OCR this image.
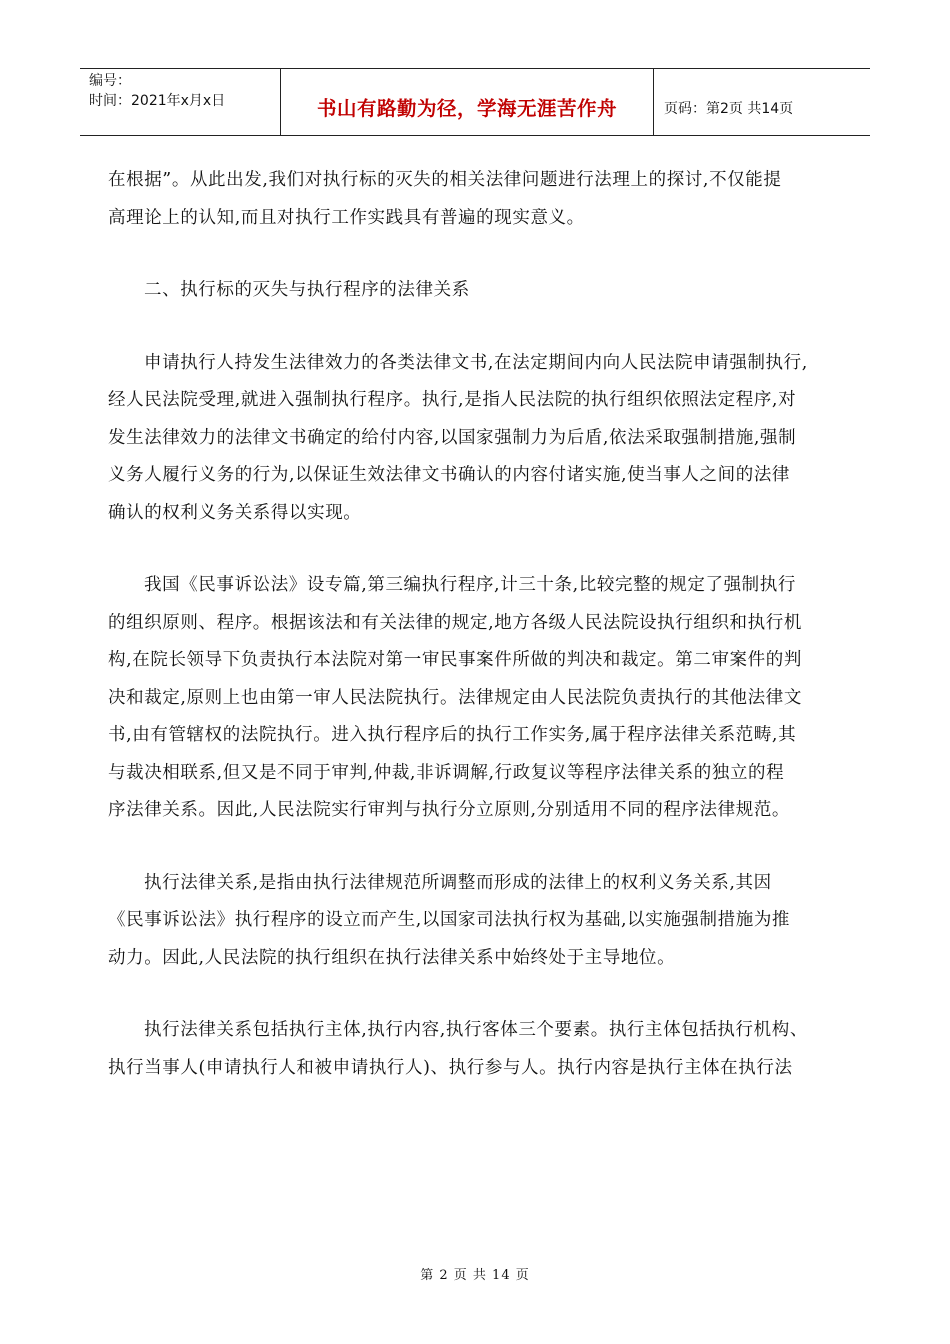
编号：
时间：2021年x月x日	书山有路勤为径，学海无涯苦作舟	页码：第2页 共14页

在根据”。从此出发,我们对执行标的灭失的相关法律问题进行法理上的探讨,不仅能提

高理论上的认知,而且对执行工作实践具有普遍的现实意义。

二、执行标的灭失与执行程序的法律关系

申请执行人持发生法律效力的各类法律文书,在法定期间内向人民法院申请强制执行,

经人民法院受理,就进入强制执行程序。执行,是指人民法院的执行组织依照法定程序,对

发生法律效力的法律文书确定的给付内容,以国家强制力为后盾,依法采取强制措施,强制

义务人履行义务的行为,以保证生效法律文书确认的内容付诸实施,使当事人之间的法律

确认的权利义务关系得以实现。

我国《民事诉讼法》设专篇,第三编执行程序,计三十条,比较完整的规定了强制执行

的组织原则、程序。根据该法和有关法律的规定,地方各级人民法院设执行组织和执行机

构,在院长领导下负责执行本法院对第一审民事案件所做的判决和裁定。第二审案件的判

决和裁定,原则上也由第一审人民法院执行。法律规定由人民法院负责执行的其他法律文

书,由有管辖权的法院执行。进入执行程序后的执行工作实务,属于程序法律关系范畴,其

与裁决相联系,但又是不同于审判,仲裁,非诉调解,行政复议等程序法律关系的独立的程

序法律关系。因此,人民法院实行审判与执行分立原则,分别适用不同的程序法律规范。

执行法律关系,是指由执行法律规范所调整而形成的法律上的权利义务关系,其因

《民事诉讼法》执行程序的设立而产生,以国家司法执行权为基础,以实施强制措施为推

动力。因此,人民法院的执行组织在执行法律关系中始终处于主导地位。

执行法律关系包括执行主体,执行内容,执行客体三个要素。执行主体包括执行机构、

执行当事人(申请执行人和被申请执行人)、执行参与人。执行内容是执行主体在执行法

第 2 页 共 14 页
